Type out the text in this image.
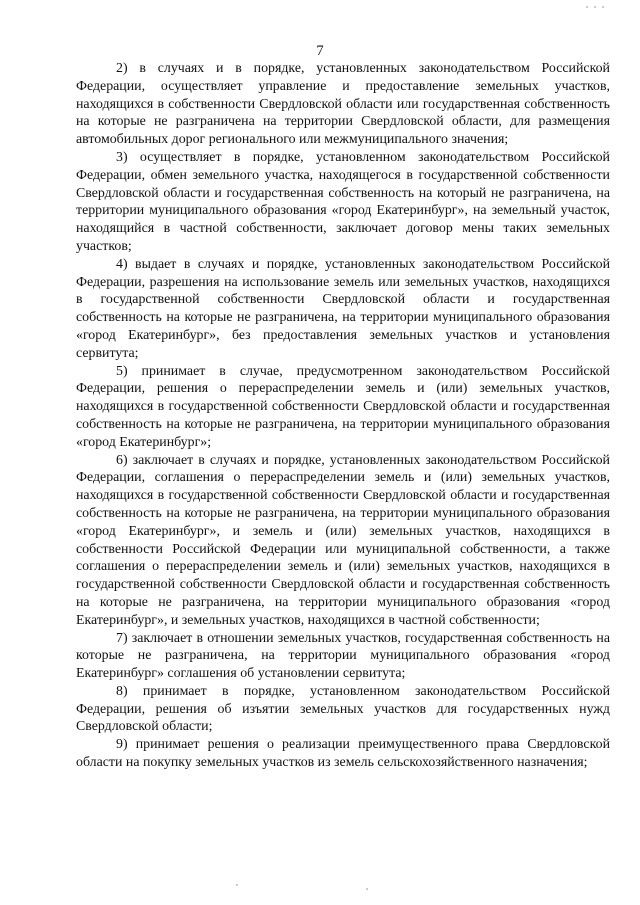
7

2) в случаях и в порядке, установленных законодательством Российской Федерации, осуществляет управление и предоставление земельных участков, находящихся в собственности Свердловской области или государственная собственность на которые не разграничена на территории Свердловской области, для размещения автомобильных дорог регионального или межмуниципального значения;

3) осуществляет в порядке, установленном законодательством Российской Федерации, обмен земельного участка, находящегося в государственной собственности Свердловской области и государственная собственность на который не разграничена, на территории муниципального образования «город Екатеринбург», на земельный участок, находящийся в частной собственности, заключает договор мены таких земельных участков;

4) выдает в случаях и порядке, установленных законодательством Российской Федерации, разрешения на использование земель или земельных участков, находящихся в государственной собственности Свердловской области и государственная собственность на которые не разграничена, на территории муниципального образования «город Екатеринбург», без предоставления земельных участков и установления сервитута;

5) принимает в случае, предусмотренном законодательством Российской Федерации, решения о перераспределении земель и (или) земельных участков, находящихся в государственной собственности Свердловской области и государственная собственность на которые не разграничена, на территории муниципального образования «город Екатеринбург»;

6) заключает в случаях и порядке, установленных законодательством Российской Федерации, соглашения о перераспределении земель и (или) земельных участков, находящихся в государственной собственности Свердловской области и государственная собственность на которые не разграничена, на территории муниципального образования «город Екатеринбург», и земель и (или) земельных участков, находящихся в собственности Российской Федерации или муниципальной собственности, а также соглашения о перераспределении земель и (или) земельных участков, находящихся в государственной собственности Свердловской области и государственная собственность на которые не разграничена, на территории муниципального образования «город Екатеринбург», и земельных участков, находящихся в частной собственности;

7) заключает в отношении земельных участков, государственная собственность на которые не разграничена, на территории муниципального образования «город Екатеринбург» соглашения об установлении сервитута;

8) принимает в порядке, установленном законодательством Российской Федерации, решения об изъятии земельных участков для государственных нужд Свердловской области;

9) принимает решения о реализации преимущественного права Свердловской области на покупку земельных участков из земель сельскохозяйственного назначения;
